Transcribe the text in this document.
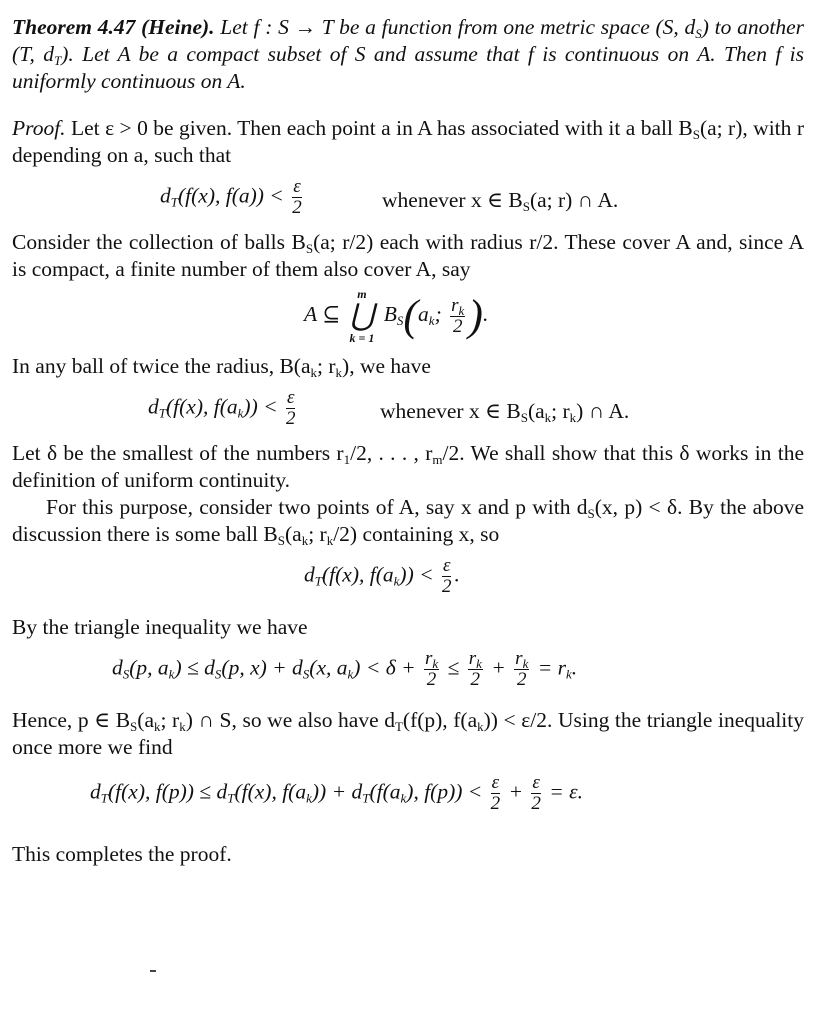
Theorem 4.47 (Heine). Let f : S → T be a function from one metric space (S, $d_S$) to another (T, $d_T$). Let A be a compact subset of S and assume that f is continuous on A. Then f is uniformly continuous on A.

Proof. Let ε > 0 be given. Then each point a in A has associated with it a ball $B_S(a$; r), with r depending on a, such that

$d_T(f(x)$, $f(a)) < \frac{\varepsilon}{2}$	whenever x ∈ $B_S(a$; r) ∩ A.

Consider the collection of balls $B_S(a$; r/2) each with radius r/2. These cover A and, since A is compact, a finite number of them also cover A, say

A ⊆
m
⋃
k = 1
$B_S(a_k$; $\frac{r_k}{2}$ ).

In any ball of twice the radius, $B(a_k$; $r_k$), we have

$d_T(f(x)$, $f(a_k)) < \frac{\varepsilon}{2}$	whenever x ∈ $B_S(a_k$; $r_k$) ∩ A.

Let δ be the smallest of the numbers $r_1/2$, . . . , $r_m/2$. We shall show that this δ works in the definition of uniform continuity.

For this purpose, consider two points of A, say x and p with $d_S(x$, p) < δ. By the above discussion there is some ball $B_S(a_k$; $r_k/2$) containing x, so

$d_T(f(x)$, $f(a_k)) < \frac{\varepsilon}{2}$ .

By the triangle inequality we have

$d_S(p$, $a_k) \le d_S(p$, $x) + d_S(x$, $a_k) < \delta + \frac{r_k}{2} \le \frac{r_k}{2} + \frac{r_k}{2} = r_k$.

Hence, p ∈ $B_S(a_k$; $r_k$) ∩ S, so we also have $d_T(f(p)$, $f(a_k)) < \varepsilon/2$. Using the triangle inequality once more we find

$d_T(f(x)$, $f(p)) \le d_T(f(x)$, $f(a_k)) + d_T(f(a_k)$, $f(p)) < \frac{\varepsilon}{2} + \frac{\varepsilon}{2} = \varepsilon$.

This completes the proof.
